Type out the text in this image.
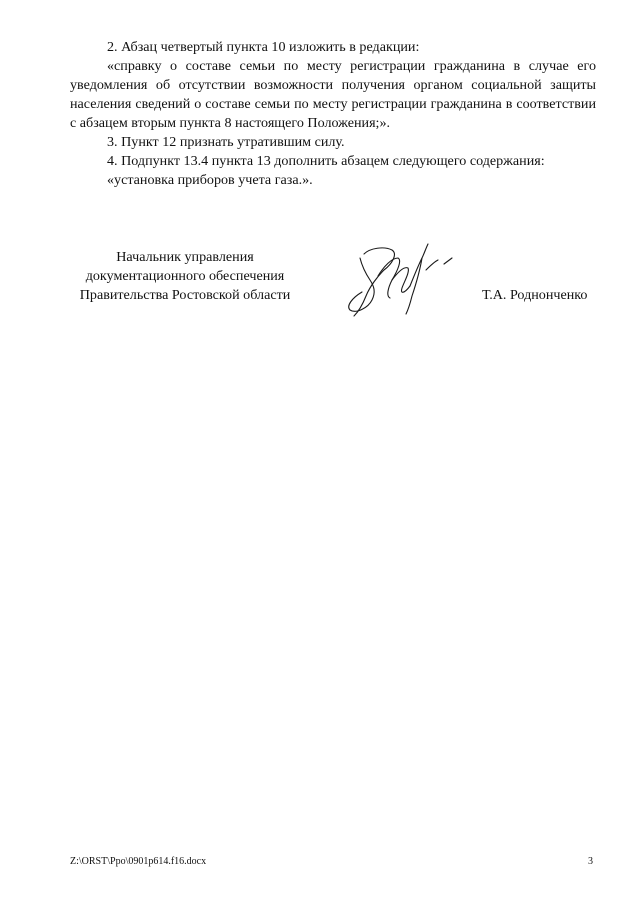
2. Абзац четвертый пункта 10 изложить в редакции:

«справку о составе семьи по месту регистрации гражданина в случае его уведомления об отсутствии возможности получения органом социальной защиты населения сведений о составе семьи по месту регистрации гражданина в соответствии с абзацем вторым пункта 8 настоящего Положения;».

3. Пункт 12 признать утратившим силу.

4. Подпункт 13.4 пункта 13 дополнить абзацем следующего содержания:

«установка приборов учета газа.».

Начальник управления
документационного обеспечения
Правительства Ростовской области	Т.А. Роднонченко
Z:\ORST\Ppo\0901p614.f16.docx	3
